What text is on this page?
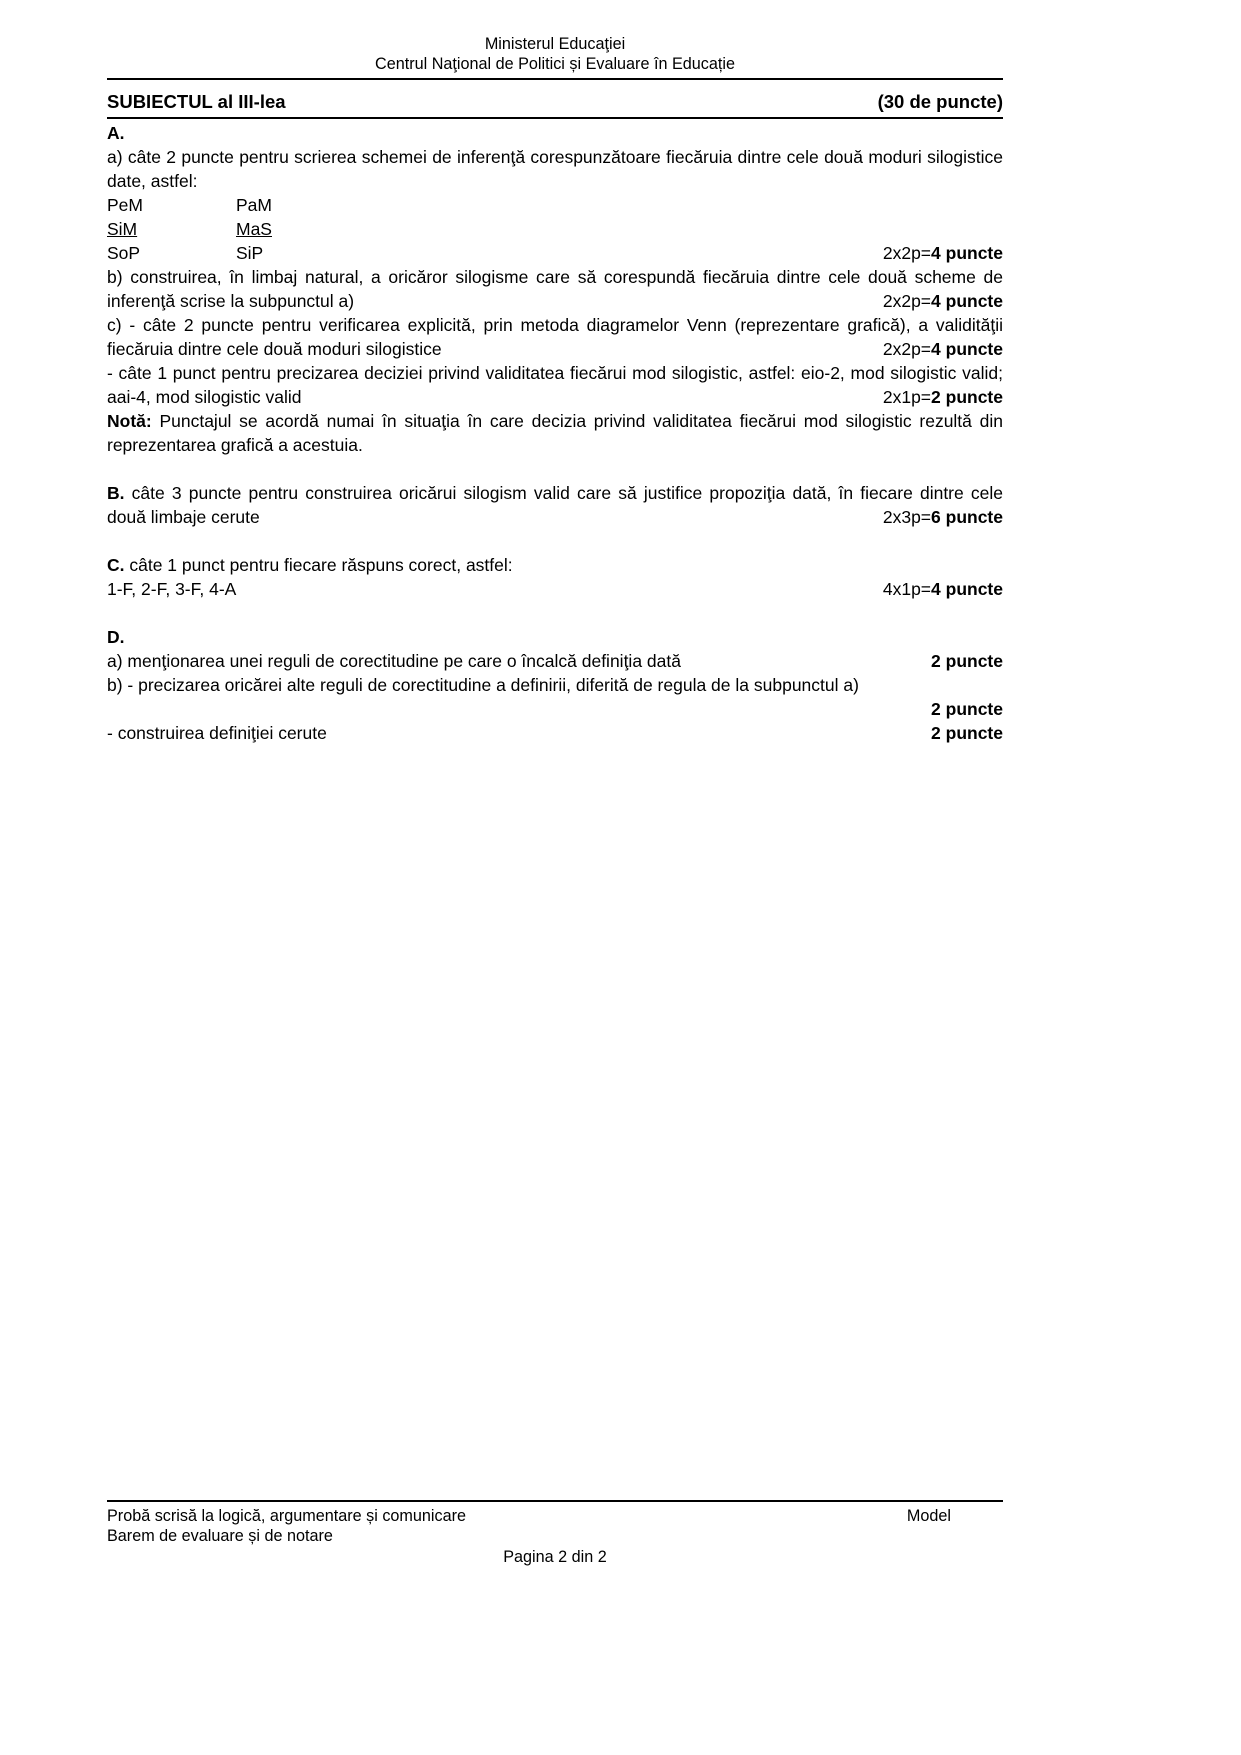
Ministerul Educaţiei
Centrul Naţional de Politici și Evaluare în Educație
SUBIECTUL al III-lea	(30 de puncte)
A.

a) câte 2 puncte pentru scrierea schemei de inferenţă corespunzătoare fiecăruia dintre cele două moduri silogistice date, astfel:

PeM	PaM
SiM	MaS
SoP	SiP	2x2p=4 puncte

b) construirea, în limbaj natural, a oricăror silogisme care să corespundă fiecăruia dintre cele două scheme de inferenţă scrise la subpunctul a)	2x2p=4 puncte

c) - câte 2 puncte pentru verificarea explicită, prin metoda diagramelor Venn (reprezentare grafică), a validităţii fiecăruia dintre cele două moduri silogistice	2x2p=4 puncte

- câte 1 punct pentru precizarea deciziei privind validitatea fiecărui mod silogistic, astfel: eio-2, mod silogistic valid; aai-4, mod silogistic valid	2x1p=2 puncte

Notă: Punctajul se acordă numai în situaţia în care decizia privind validitatea fiecărui mod silogistic rezultă din reprezentarea grafică a acestuia.

B. câte 3 puncte pentru construirea oricărui silogism valid care să justifice propoziţia dată, în fiecare dintre cele două limbaje cerute	2x3p=6 puncte

C. câte 1 punct pentru fiecare răspuns corect, astfel:
1-F, 2-F, 3-F, 4-A	4x1p=4 puncte
D.
a) menţionarea unei reguli de corectitudine pe care o încalcă definiţia dată	2 puncte

b) - precizarea oricărei alte reguli de corectitudine a definirii, diferită de regula de la subpunctul a)

2 puncte
- construirea definiţiei cerute	2 puncte
Probă scrisă la logică, argumentare și comunicare	Model
Barem de evaluare și de notare
Pagina 2 din 2
